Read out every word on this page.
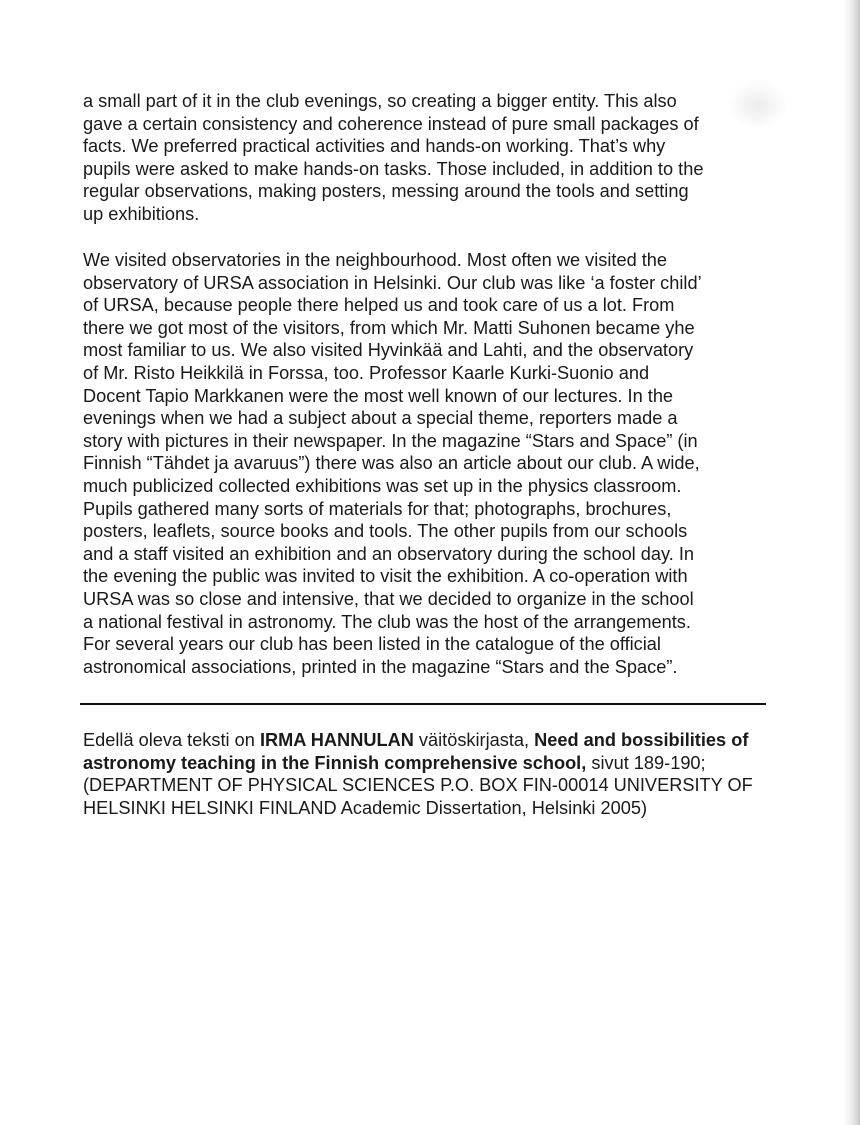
a small part of it in the club evenings, so creating a bigger entity. This also
gave a certain consistency and coherence instead of pure small packages of
facts. We preferred practical activities and hands-on working. That’s why
pupils were asked to make hands-on tasks. Those included, in addition to the
regular observations, making posters, messing around the tools and setting
up exhibitions.

We visited observatories in the neighbourhood. Most often we visited the
observatory of URSA association in Helsinki. Our club was like ‘a foster child’
of URSA, because people there helped us and took care of us a lot. From
there we got most of the visitors, from which Mr. Matti Suhonen became yhe
most familiar to us. We also visited Hyvinkää and Lahti, and the observatory
of Mr. Risto Heikkilä in Forssa, too. Professor Kaarle Kurki-Suonio and
Docent Tapio Markkanen were the most well known of our lectures. In the
evenings when we had a subject about a special theme, reporters made a
story with pictures in their newspaper. In the magazine “Stars and Space” (in
Finnish “Tähdet ja avaruus”) there was also an article about our club. A wide,
much publicized collected exhibitions was set up in the physics classroom.
Pupils gathered many sorts of materials for that; photographs, brochures,
posters, leaflets, source books and tools. The other pupils from our schools
and a staff visited an exhibition and an observatory during the school day. In
the evening the public was invited to visit the exhibition. A co-operation with
URSA was so close and intensive, that we decided to organize in the school
a national festival in astronomy. The club was the host of the arrangements.
For several years our club has been listed in the catalogue of the official
astronomical associations, printed in the magazine “Stars and the Space”.

Edellä oleva teksti on IRMA HANNULAN väitöskirjasta, Need and bossibilities of astronomy teaching in the Finnish comprehensive school, sivut 189-190; (DEPARTMENT OF PHYSICAL SCIENCES P.O. BOX FIN-00014 UNIVERSITY OF HELSINKI HELSINKI FINLAND Academic Dissertation, Helsinki 2005)
